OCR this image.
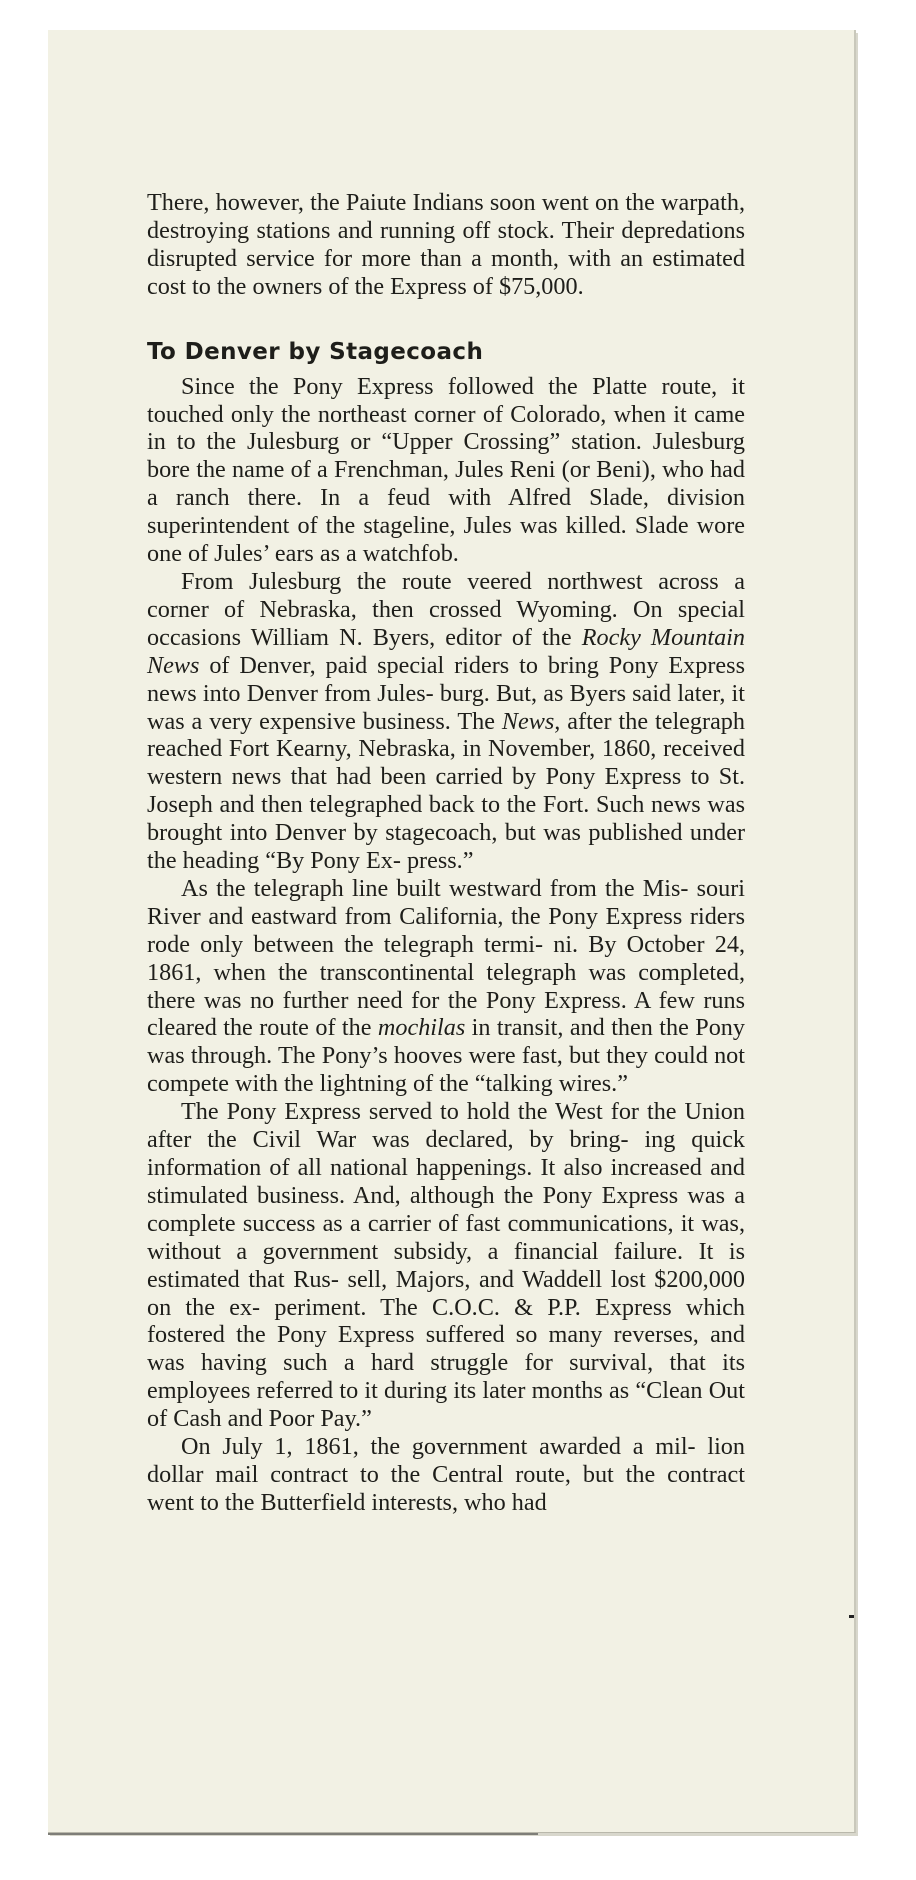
There, however, the Paiute Indians soon went on the warpath, destroying stations and running off stock. Their depredations disrupted service for more than a month, with an estimated cost to the owners of the Express of $75,000.

To Denver by Stagecoach

Since the Pony Express followed the Platte route, it touched only the northeast corner of Colorado, when it came in to the Julesburg or “Upper Crossing” station. Julesburg bore the name of a Frenchman, Jules Reni (or Beni), who had a ranch there. In a feud with Alfred Slade, division superintendent of the stageline, Jules was killed. Slade wore one of Jules’ ears as a watchfob.

From Julesburg the route veered northwest across a corner of Nebraska, then crossed Wyoming. On special occasions William N. Byers, editor of the Rocky Mountain News of Denver, paid special riders to bring Pony Express news into Denver from Jules- burg. But, as Byers said later, it was a very expensive business. The News, after the telegraph reached Fort Kearny, Nebraska, in November, 1860, received western news that had been carried by Pony Express to St. Joseph and then telegraphed back to the Fort. Such news was brought into Denver by stagecoach, but was published under the heading “By Pony Ex- press.”

As the telegraph line built westward from the Mis- souri River and eastward from California, the Pony Express riders rode only between the telegraph termi- ni. By October 24, 1861, when the transcontinental telegraph was completed, there was no further need for the Pony Express. A few runs cleared the route of the mochilas in transit, and then the Pony was through. The Pony’s hooves were fast, but they could not compete with the lightning of the “talking wires.”

The Pony Express served to hold the West for the Union after the Civil War was declared, by bring- ing quick information of all national happenings. It also increased and stimulated business. And, although the Pony Express was a complete success as a carrier of fast communications, it was, without a government subsidy, a financial failure. It is estimated that Rus- sell, Majors, and Waddell lost $200,000 on the ex- periment. The C.O.C. & P.P. Express which fostered the Pony Express suffered so many reverses, and was having such a hard struggle for survival, that its employees referred to it during its later months as “Clean Out of Cash and Poor Pay.”

On July 1, 1861, the government awarded a mil- lion dollar mail contract to the Central route, but the contract went to the Butterfield interests, who had
